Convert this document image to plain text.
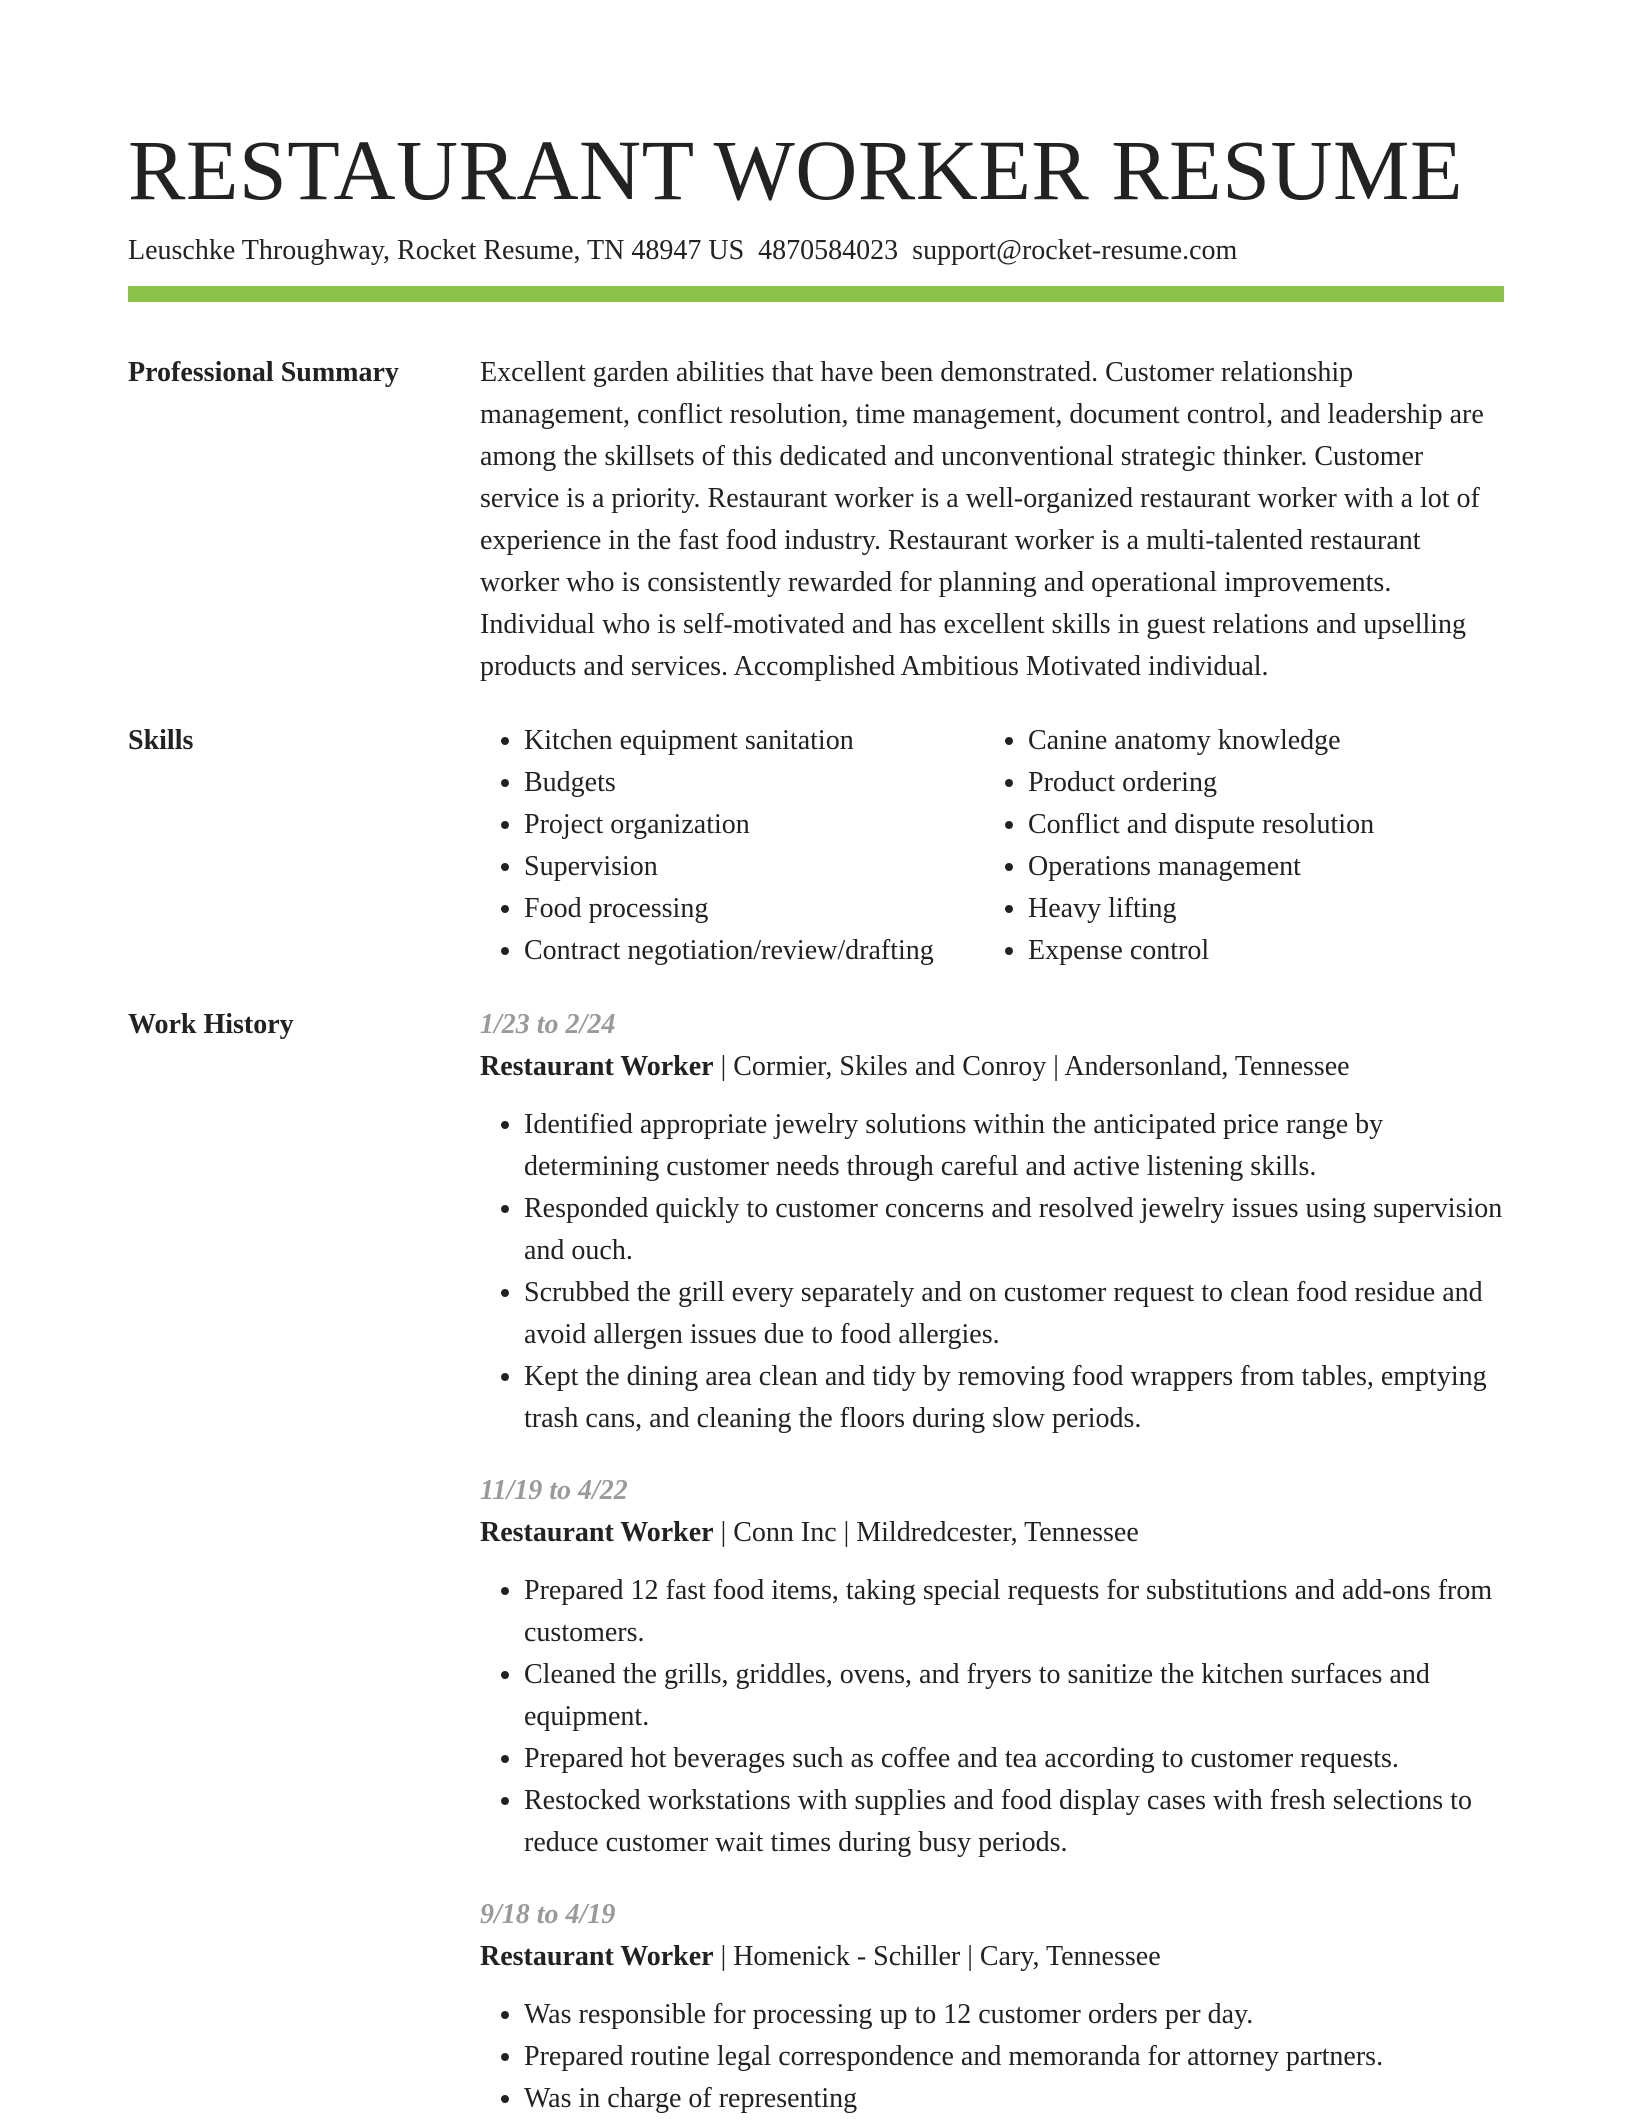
RESTAURANT WORKER RESUME
Leuschke Throughway, Rocket Resume, TN 48947 US 4870584023 support@rocket-resume.com
Professional Summary	Excellent garden abilities that have been demonstrated. Customer relationship management, conflict resolution, time management, document control, and leadership are among the skillsets of this dedicated and unconventional strategic thinker. Customer service is a priority. Restaurant worker is a well-organized restaurant worker with a lot of experience in the fast food industry. Restaurant worker is a multi-talented restaurant worker who is consistently rewarded for planning and operational improvements. Individual who is self-motivated and has excellent skills in guest relations and upselling products and services. Accomplished Ambitious Motivated individual.

Skills
•	Kitchen equipment sanitation
• Budgets
• Project organization
• Supervision
• Food processing
• Contract negotiation/review/drafting
• Canine anatomy knowledge
• Product ordering
• Conflict and dispute resolution
• Operations management
• Heavy lifting
• Expense control
Work History	1/23 to 2/24
Restaurant Worker | Cormier, Skiles and Conroy | Andersonland, Tennessee
• Identified appropriate jewelry solutions within the anticipated price range by determining customer needs through careful and active listening skills.
• Responded quickly to customer concerns and resolved jewelry issues using supervision and ouch.
• Scrubbed the grill every separately and on customer request to clean food residue and avoid allergen issues due to food allergies.
• Kept the dining area clean and tidy by removing food wrappers from tables, emptying trash cans, and cleaning the floors during slow periods.
11/19 to 4/22
Restaurant Worker | Conn Inc | Mildredcester, Tennessee
• Prepared 12 fast food items, taking special requests for substitutions and add-ons from customers.
• Cleaned the grills, griddles, ovens, and fryers to sanitize the kitchen surfaces and equipment.
• Prepared hot beverages such as coffee and tea according to customer requests.
• Restocked workstations with supplies and food display cases with fresh selections to reduce customer wait times during busy periods.
9/18 to 4/19
Restaurant Worker | Homenick - Schiller | Cary, Tennessee
• Was responsible for processing up to 12 customer orders per day.
• Prepared routine legal correspondence and memoranda for attorney partners.
• Was in charge of representing
